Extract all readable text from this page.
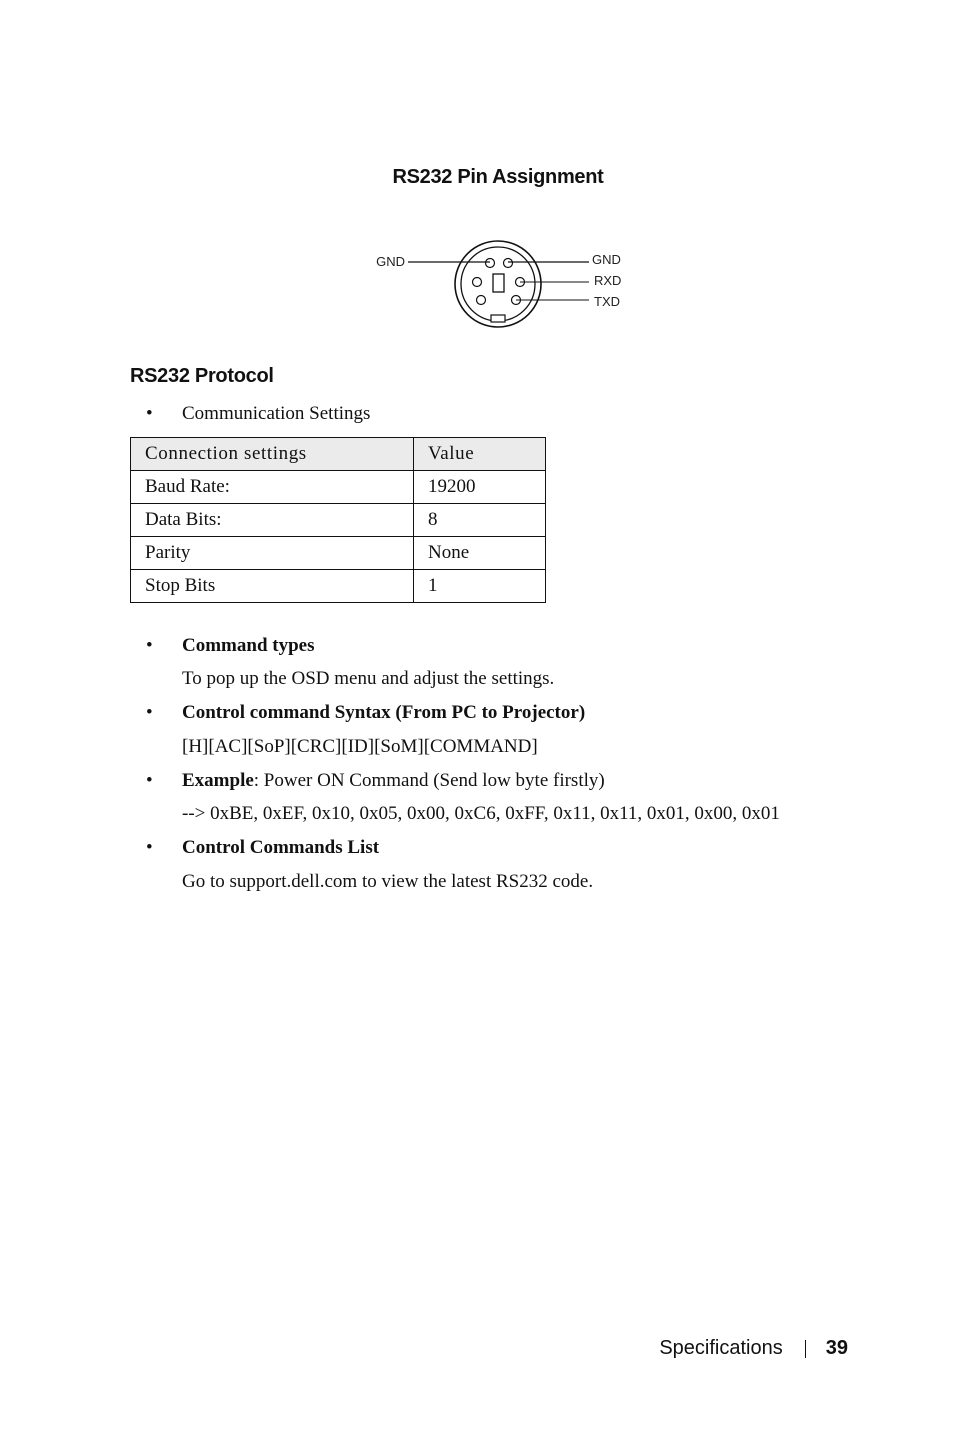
RS232 Pin Assignment
GND	GND
RXD
TXD
RS232 Protocol
• Communication Settings
Connection settings	Value
Baud Rate:	19200
Data Bits:	8
Parity	None
Stop Bits	1
• Command types
To pop up the OSD menu and adjust the settings.
• Control command Syntax (From PC to Projector)
[H][AC][SoP][CRC][ID][SoM][COMMAND]
• Example: Power ON Command (Send low byte firstly)
--> 0xBE, 0xEF, 0x10, 0x05, 0x00, 0xC6, 0xFF, 0x11, 0x11, 0x01, 0x00, 0x01
• Control Commands List
Go to support.dell.com to view the latest RS232 code.
Specifications 39
